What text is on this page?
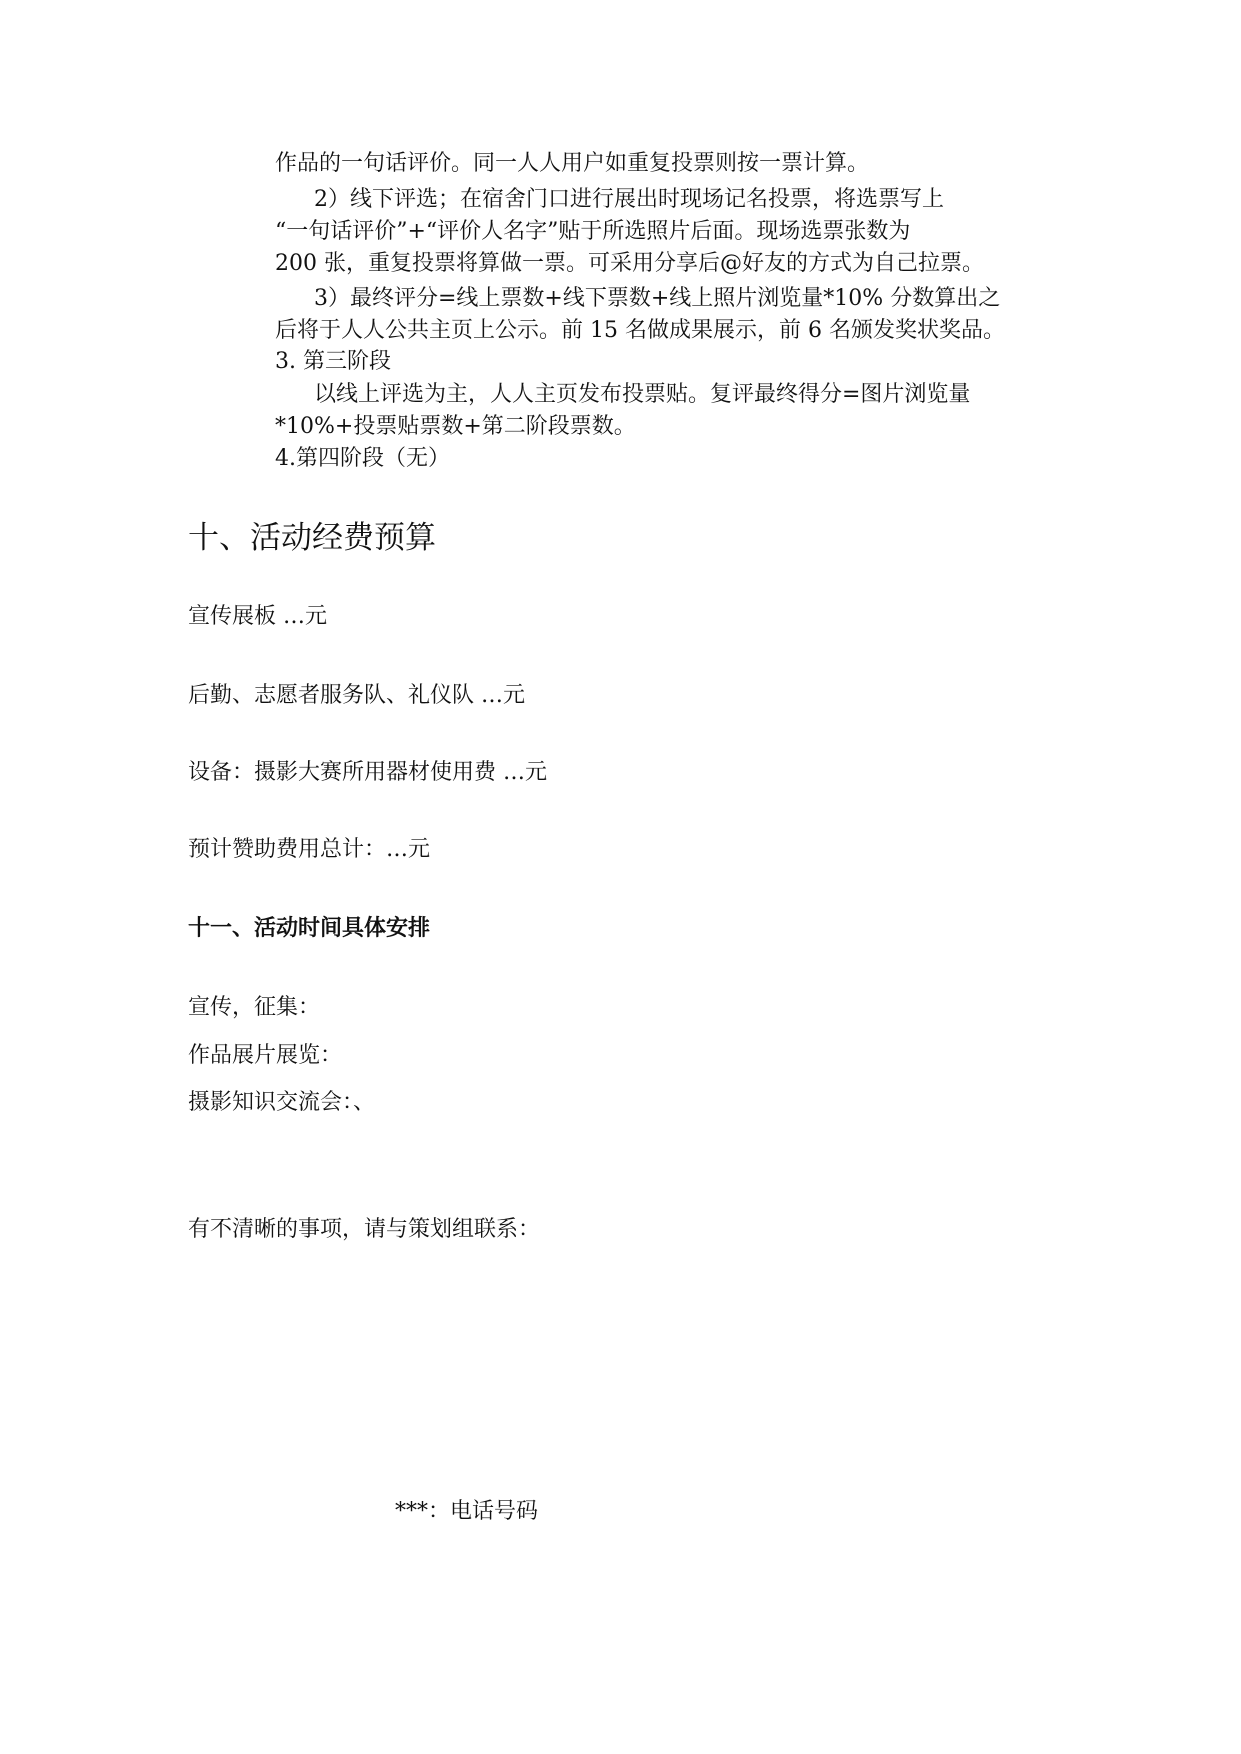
作品的一句话评价。同一人人用户如重复投票则按一票计算。
2）线下评选；在宿舍门口进行展出时现场记名投票，将选票写上
“一句话评价”+“评价人名字”贴于所选照片后面。现场选票张数为
200 张，重复投票将算做一票。可采用分享后@好友的方式为自己拉票。
3）最终评分=线上票数+线下票数+线上照片浏览量*10% 分数算出之
后将于人人公共主页上公示。前 15 名做成果展示，前 6 名颁发奖状奖品。
3. 第三阶段
以线上评选为主，人人主页发布投票贴。复评最终得分=图片浏览量
*10%+投票贴票数+第二阶段票数。
4.第四阶段（无）
十、活动经费预算
宣传展板 …元
后勤、志愿者服务队、礼仪队 …元
设备：摄影大赛所用器材使用费 …元
预计赞助费用总计：…元
十一、活动时间具体安排
宣传，征集：
作品展片展览：
摄影知识交流会：、
有不清晰的事项，请与策划组联系：
***：电话号码
